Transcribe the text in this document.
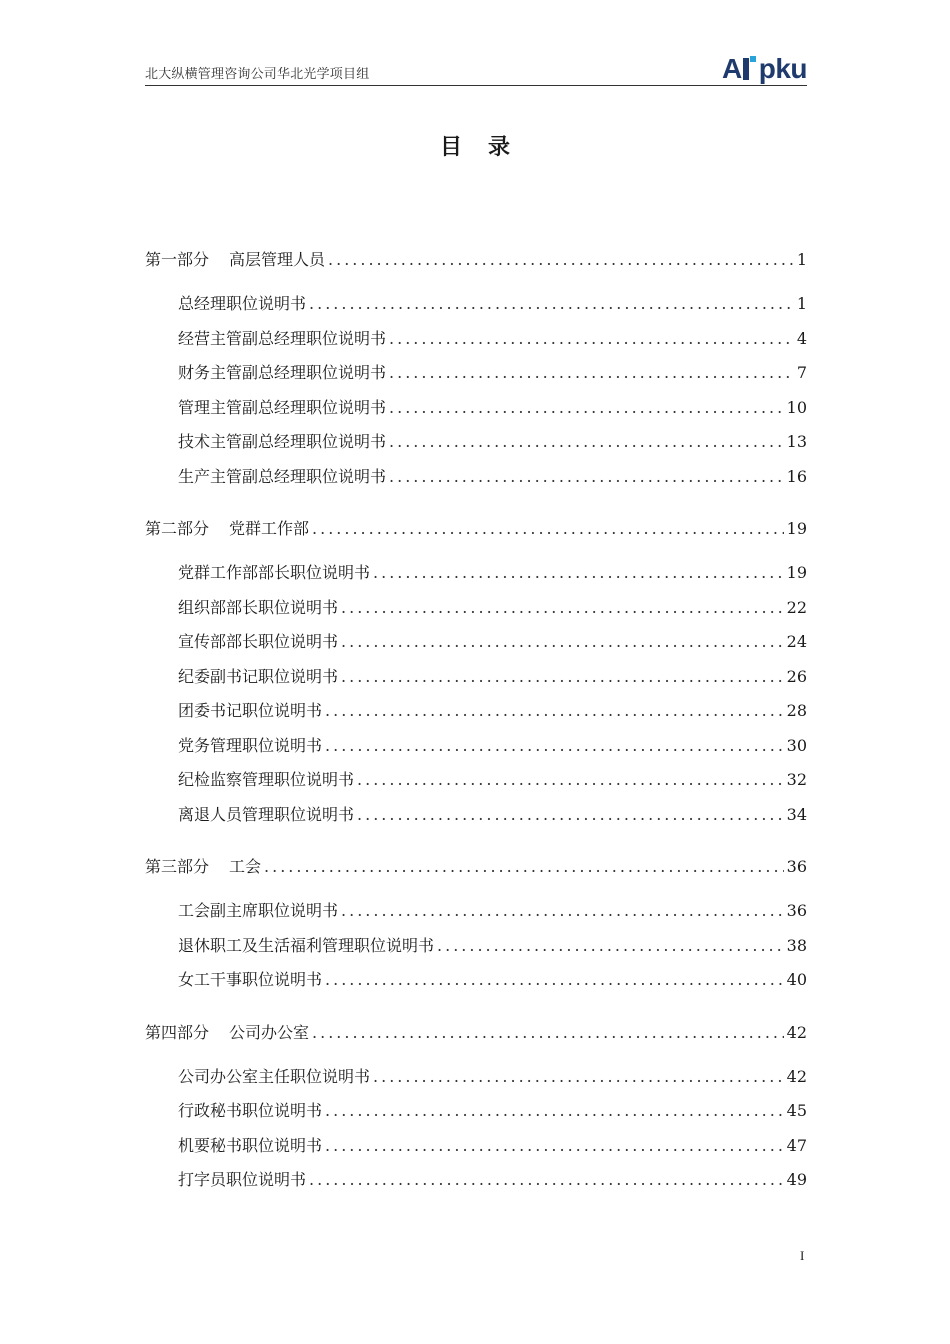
北大纵横管理咨询公司华北光学项目组	A pku
目录
第一部分 高层管理人员 .....	1
总经理职位说明书 .....	1
经营主管副总经理职位说明书 .....	4
财务主管副总经理职位说明书 .....	7
管理主管副总经理职位说明书 .....	10
技术主管副总经理职位说明书 .....	13
生产主管副总经理职位说明书 .....	16
第二部分 党群工作部 .....	19
党群工作部部长职位说明书 .....	19
组织部部长职位说明书 .....	22
宣传部部长职位说明书 .....	24
纪委副书记职位说明书 .....	26
团委书记职位说明书 .....	28
党务管理职位说明书 .....	30
纪检监察管理职位说明书 .....	32
离退人员管理职位说明书 .....	34
第三部分 工会 .....	36
工会副主席职位说明书 .....	36
退休职工及生活福利管理职位说明书 .....	38
女工干事职位说明书 .....	40
第四部分 公司办公室 .....	42
公司办公室主任职位说明书 .....	42
行政秘书职位说明书 .....	45
机要秘书职位说明书 .....	47
打字员职位说明书 .....	49
I
